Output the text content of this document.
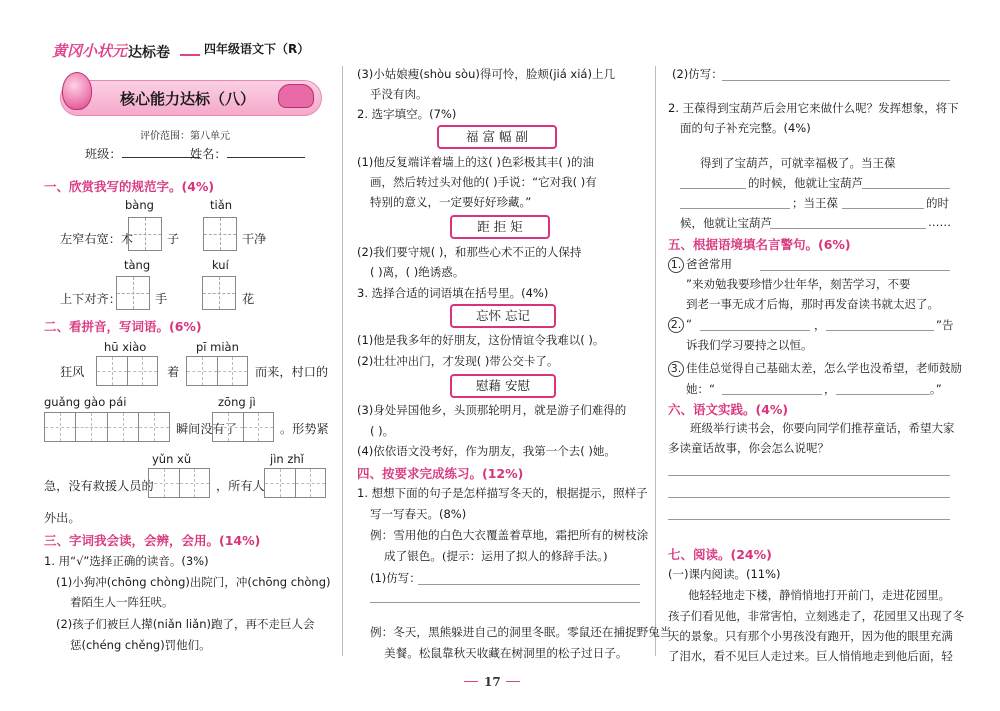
黄冈小状元 达标卷	四年级语文下（R）
核心能力达标（八）
评价范围：第八单元
班级：	姓名：
一、欣赏我写的规范字。(4%)
bàng	tiǎn
左窄右宽：木	子	干净
tàng	kuí
上下对齐：	手	花
二、看拼音，写词语。(6%)
hū xiào	pī miàn
狂风	着	而来，村口的
guǎng gào pái	zōng jì
瞬间没有了	。形势紧
yǔn xǔ	jìn zhǐ
急，没有救援人员的	，所有人
外出。
三、字词我会读，会辨，会用。(14%)
1. 用“√”选择正确的读音。(3%)
(1)小狗冲(chōng chòng)出院门，冲(chōng chòng)
着陌生人一阵狂吠。
(2)孩子们被巨人撵(niǎn liǎn)跑了，再不走巨人会
惩(chéng chěng)罚他们。
(3)小姑娘瘦(shòu sòu)得可怜，脸颊(jiá xiá)上几
乎没有肉。
2. 选字填空。(7%)
福 富 幅 副
(1)他反复端详着墙上的这( )色彩极其丰( )的油
画，然后转过头对他的( )手说：“它对我( )有
特别的意义，一定要好好珍藏。”
距 拒 矩
(2)我们要守规( )，和那些心术不正的人保持
( )离，( )绝诱惑。
3. 选择合适的词语填在括号里。(4%)
忘怀 忘记
(1)他是我多年的好朋友，这份情谊令我难以( )。
(2)壮壮冲出门，才发现( )带公交卡了。
慰藉 安慰
(3)身处异国他乡，头顶那轮明月，就是游子们难得的
( )。
(4)依依语文没考好，作为朋友，我第一个去( )她。
四、按要求完成练习。(12%)
1. 想想下面的句子是怎样描写冬天的，根据提示，照样子
写一写春天。(8%)
例：雪用他的白色大衣覆盖着草地，霜把所有的树枝涂
成了银色。(提示：运用了拟人的修辞手法。)
(1)仿写：
例：冬天，黑熊躲进自己的洞里冬眠。零鼠还在捕捉野兔当
美餐。松鼠靠秋天收藏在树洞里的松子过日子。
(2)仿写：
2. 王葆得到宝葫芦后会用它来做什么呢？发挥想象，将下
面的句子补充完整。(4%)
得到了宝葫芦，可就幸福极了。当王葆
的时候，他就让宝葫芦
；当王葆	的时
候，他就让宝葫芦	……
五、根据语境填名言警句。(6%)
1. 爸爸常用
”来劝勉我要珍惜少壮年华，刻苦学习，不要
到老一事无成才后悔，那时再发奋读书就太迟了。
2. “	，	”告
诉我们学习要持之以恒。
3. 佳佳总觉得自己基础太差，怎么学也没希望，老师鼓励
她：“	，	。”
六、语文实践。(4%)
班级举行读书会，你要向同学们推荐童话，希望大家
多读童话故事，你会怎么说呢？
七、阅读。(24%)
(一)课内阅读。(11%)
他轻轻地走下楼，静悄悄地打开前门，走进花园里。
孩子们看见他，非常害怕，立刻逃走了，花园里又出现了冬
天的景象。只有那个小男孩没有跑开，因为他的眼里充满
了泪水，看不见巨人走过来。巨人悄悄地走到他后面，轻
17
